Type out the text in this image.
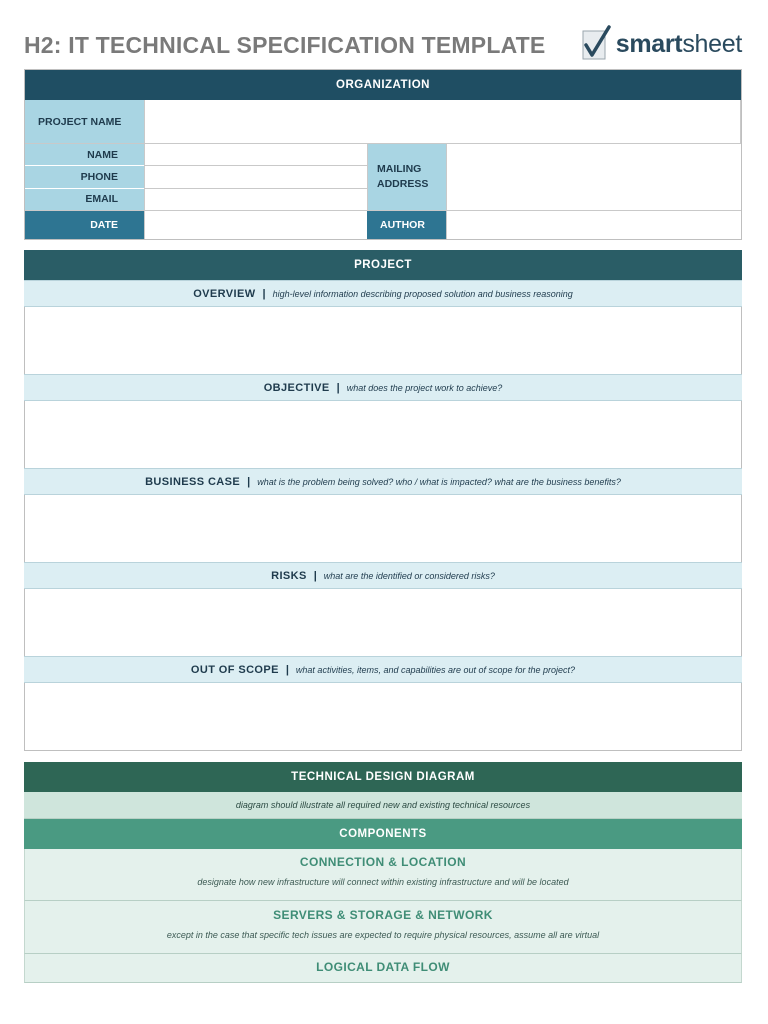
H2: IT TECHNICAL SPECIFICATION TEMPLATE	smart sheet
ORGANIZATION
PROJECT NAME
NAME
PHONE
EMAIL
MAILING ADDRESS
DATE	AUTHOR
PROJECT
OVERVIEW | high-level information describing proposed solution and business reasoning
OBJECTIVE | what does the project work to achieve?
BUSINESS CASE | what is the problem being solved? who / what is impacted? what are the business benefits?
RISKS | what are the identified or considered risks?
OUT OF SCOPE | what activities, items, and capabilities are out of scope for the project?
TECHNICAL DESIGN DIAGRAM
diagram should illustrate all required new and existing technical resources
COMPONENTS
CONNECTION & LOCATION
designate how new infrastructure will connect within existing infrastructure and will be located
SERVERS & STORAGE & NETWORK
except in the case that specific tech issues are expected to require physical resources, assume all are virtual
LOGICAL DATA FLOW
